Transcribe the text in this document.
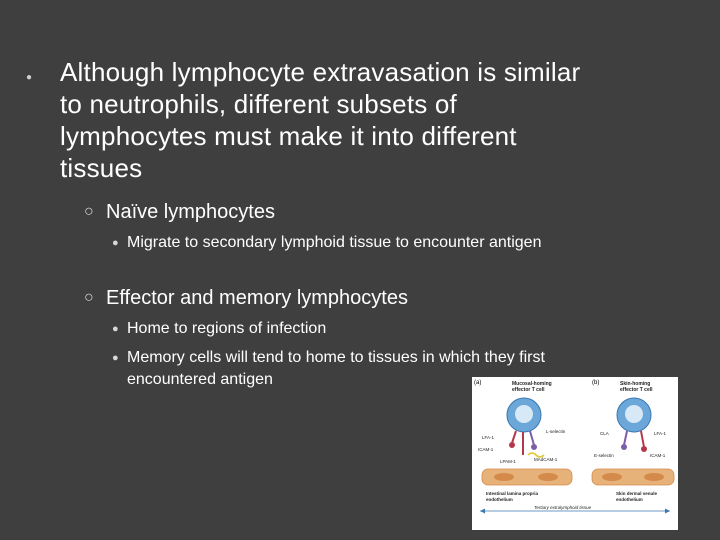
● Although lymphocyte extravasation is similar to neutrophils, different subsets of lymphocytes must make it into different tissues
○ Naïve lymphocytes
● Migrate to secondary lymphoid tissue to encounter antigen
○ Effector and memory lymphocytes
● Home to regions of infection
● Memory cells will tend to home to tissues in which they first encountered antigen	(a)	Mucosal-homing
effector T cell
LFA-1
L-selectin
ICAM-1
LPAM-1	MAdCAM-1
Intestinal lamina propria
endothelium
(b)	Skin-homing
effector T cell
CLA	LFA-1
E-selectin	ICAM-1
Skin dermal venule
endothelium
Tertiary extralymphoid tissue
